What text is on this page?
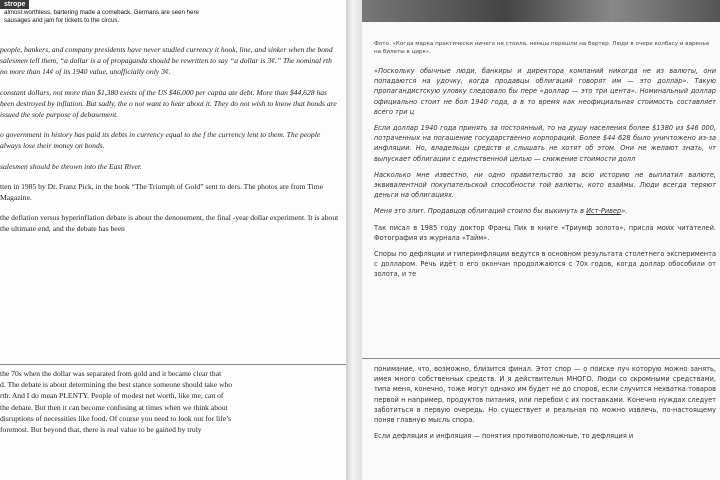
strope
almost worthless, bartering made a comeback. Germans are seen here
sausages and jam for tickets to the circus.

people, bankers, and company presidents have never studied currency it hook, line, and sinker when the bond salesmen tell them, “a dollar is a of propaganda should be rewritten to say “a dollar is 3¢.” The nominal rth no more than 14¢ of its 1940 value, unofficially only 3¢.

constant dollars, not more than $1,380 exists of the US $46,000 per capita ate debt. More than $44,628 has been destroyed by inflation. But sadly, the o not want to hear about it. They do not wish to know that bonds are issued the sole purpose of debasement.

o government in history has paid its debts in currency equal to the f the currency lent to them. The people always lose their money on bonds.

salesmen should be thrown into the East River.

tten in 1985 by Dr. Franz Pick, in the book “The Triumph of Gold” sent to ders. The photos are from Time Magazine.

the deflation versus hyperinflation debate is about the denouement, the final -year dollar experiment. It is about the ultimate end, and the debate has been

the 70s when the dollar was separated from gold and it became clear that
d. The debate is about determining the best stance someone should take who
rth. And I do mean PLENTY. People of modest net worth, like me, can of
the debate. But then it can become confusing at times when we think about
disruptions of necessities like food. Of course you need to look out for life’s
foremost. But beyond that, there is real value to be gained by truly
Фото. «Когда марка практически ничего не стоила, немцы перешли на бартер. Люди в очере колбасу и варенье на билеты в цирк».

«Поскольку обычные люди, банкиры и директора компаний никогда не из валюты, они попадаются на удочку, когда продавцы облигаций говорят им — это доллар». Такую пропагандистскую уловку следовало бы пере «доллар — это три цента». Номинальный доллар официально стоит не бол 1940 года, а в то время как неофициальная стоимость составляет всего три ц

Если доллар 1940 года принять за постоянный, то на душу населения более $1380 из $46 000, потраченных на погашение государственно корпораций. Более $44 628 было уничтожено из-за инфляции. Но, владельцы средств и слышать не хотят об этом. Они не желают знать, чт выпускает облигации с единственной целью — снижение стоимости долл

Насколько мне известно, ни одно правительство за всю историю не выплатил валюте, эквивалентной покупательской способности той валюты, кото взаймы. Люди всегда теряют деньги на облигациях.

Меня это злит. Продавцов облигаций стоило бы выкинуть в Ист-Ривер».

Так писал в 1985 году доктор Франц Пик в книге «Триумф золота», присла моих читателей. Фотография из журнала «Тайм».

Споры по дефляции и гиперинфляции ведутся в основном результата столетнего эксперимента с долларом. Речь идёт о его окончан продолжаются с 70х годов, когда доллар обособили от золота, и те

понимание, что, возможно, близится финал. Этот спор — о поиске луч которую можно занять, имея много собственных средств. И я действительн МНОГО. Люди со скромными средствами, типа меня, конечно, тоже могут однако им будет не до споров, если случится нехватка товаров первой н например, продуктов питания, или перебои с их поставками. Конечно нуждах следует заботиться в первую очередь. Но существует и реальная по можно извлечь, по-настоящему поняв главную мысль спора.

Если дефляция и инфляция — понятия противоположные, то дефляция и
